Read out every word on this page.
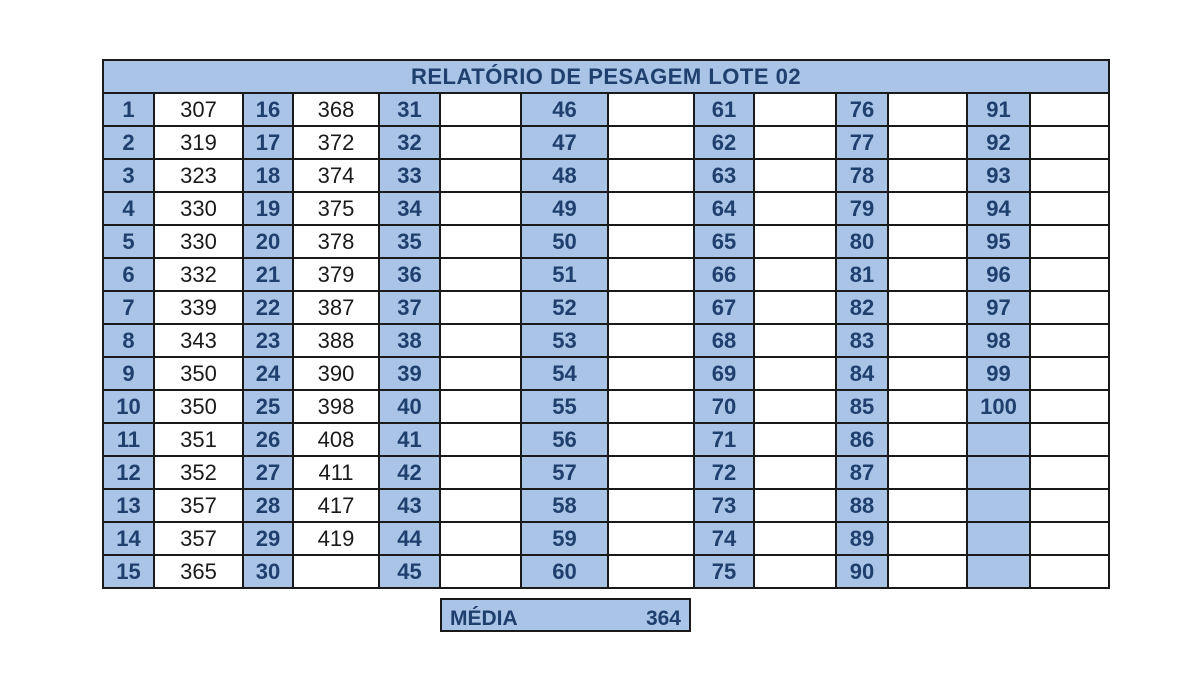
RELATÓRIO DE PESAGEM LOTE 02													
1	307	16	368	31		46		61		76		91	
2	319	17	372	32		47		62		77		92	
3	323	18	374	33		48		63		78		93	
4	330	19	375	34		49		64		79		94	
5	330	20	378	35		50		65		80		95	
6	332	21	379	36		51		66		81		96	
7	339	22	387	37		52		67		82		97	
8	343	23	388	38		53		68		83		98	
9	350	24	390	39		54		69		84		99	
10	350	25	398	40		55		70		85		100	
11	351	26	408	41		56		71		86			
12	352	27	411	42		57		72		87			
13	357	28	417	43		58		73		88			
14	357	29	419	44		59		74		89			
15	365	30		45		60		75		90			
MÉDIA	364
